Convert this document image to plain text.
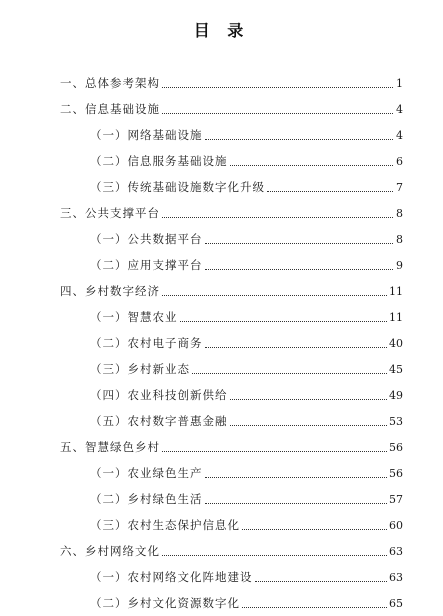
目 录
一、总体参考架构	1
二、信息基础设施	4
（一）网络基础设施	4
（二）信息服务基础设施	6
（三）传统基础设施数字化升级	7
三、公共支撑平台	8
（一）公共数据平台	8
（二）应用支撑平台	9
四、乡村数字经济	11
（一）智慧农业	11
（二）农村电子商务	40
（三）乡村新业态	45
（四）农业科技创新供给	49
（五）农村数字普惠金融	53
五、智慧绿色乡村	56
（一）农业绿色生产	56
（二）乡村绿色生活	57
（三）农村生态保护信息化	60
六、乡村网络文化	63
（一）农村网络文化阵地建设	63
（二）乡村文化资源数字化	65
